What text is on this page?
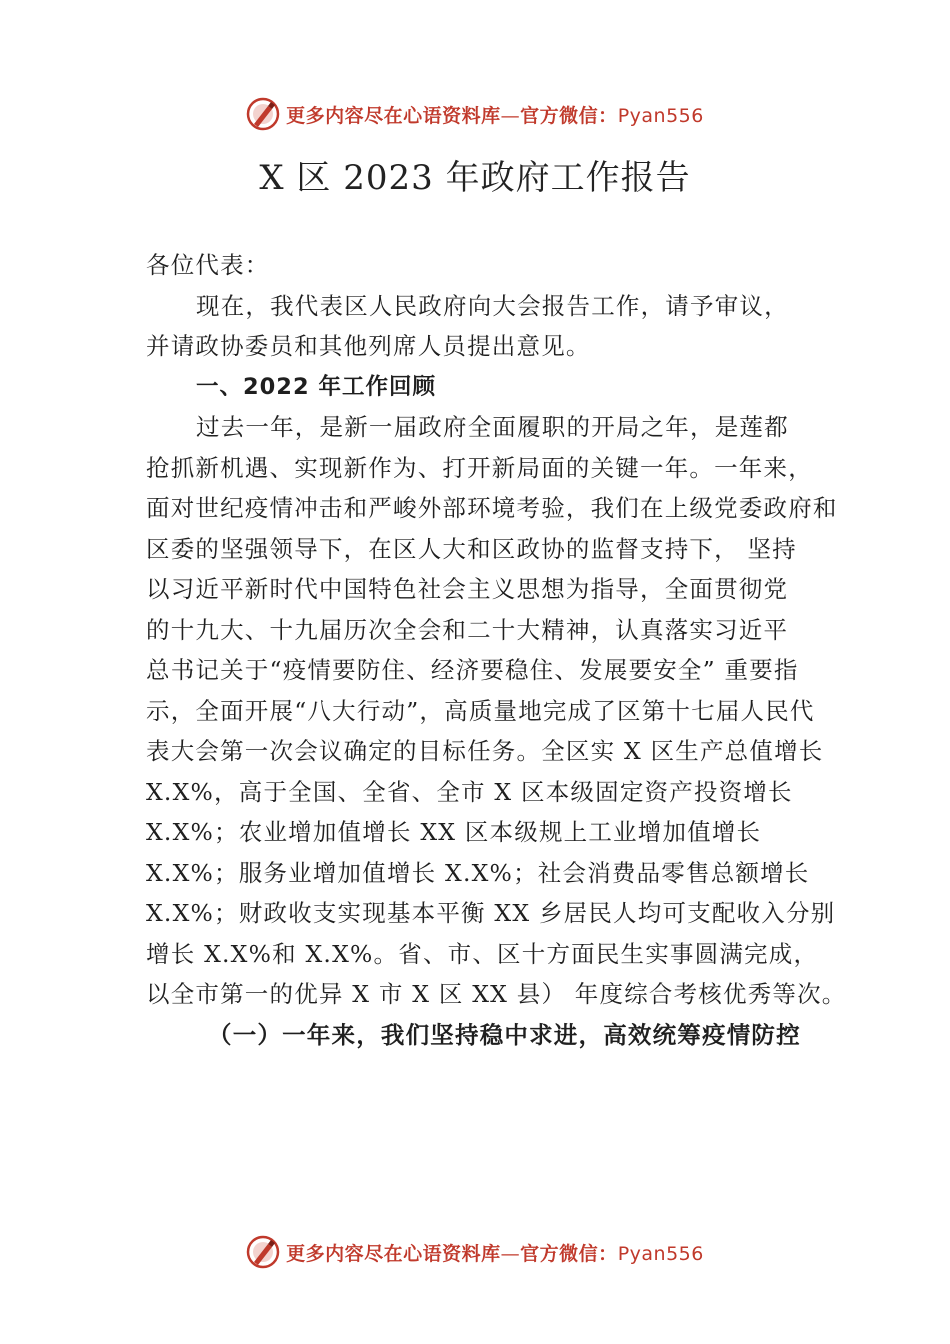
更多内容尽在心语资料库—官方微信：Pyan556
X 区 2023 年政府工作报告
各位代表：
现在，我代表区人民政府向大会报告工作，请予审议，
并请政协委员和其他列席人员提出意见。
一、2022 年工作回顾
过去一年，是新一届政府全面履职的开局之年，是莲都
抢抓新机遇、实现新作为、打开新局面的关键一年。一年来，
面对世纪疫情冲击和严峻外部环境考验，我们在上级党委政府和
区委的坚强领导下，在区人大和区政协的监督支持下， 坚持
以习近平新时代中国特色社会主义思想为指导，全面贯彻党
的十九大、十九届历次全会和二十大精神，认真落实习近平
总书记关于“疫情要防住、经济要稳住、发展要安全” 重要指
示，全面开展“八大行动”，高质量地完成了区第十七届人民代
表大会第一次会议确定的目标任务。全区实 X 区生产总值增长
X.X%，高于全国、全省、全市 X 区本级固定资产投资增长
X.X%；农业增加值增长 XX 区本级规上工业增加值增长
X.X%；服务业增加值增长 X.X%；社会消费品零售总额增长
X.X%；财政收支实现基本平衡 XX 乡居民人均可支配收入分别
增长 X.X%和 X.X%。省、市、区十方面民生实事圆满完成，
以全市第一的优异 X 市 X 区 XX 县） 年度综合考核优秀等次。
（一）一年来，我们坚持稳中求进，高效统筹疫情防控
更多内容尽在心语资料库—官方微信：Pyan556
